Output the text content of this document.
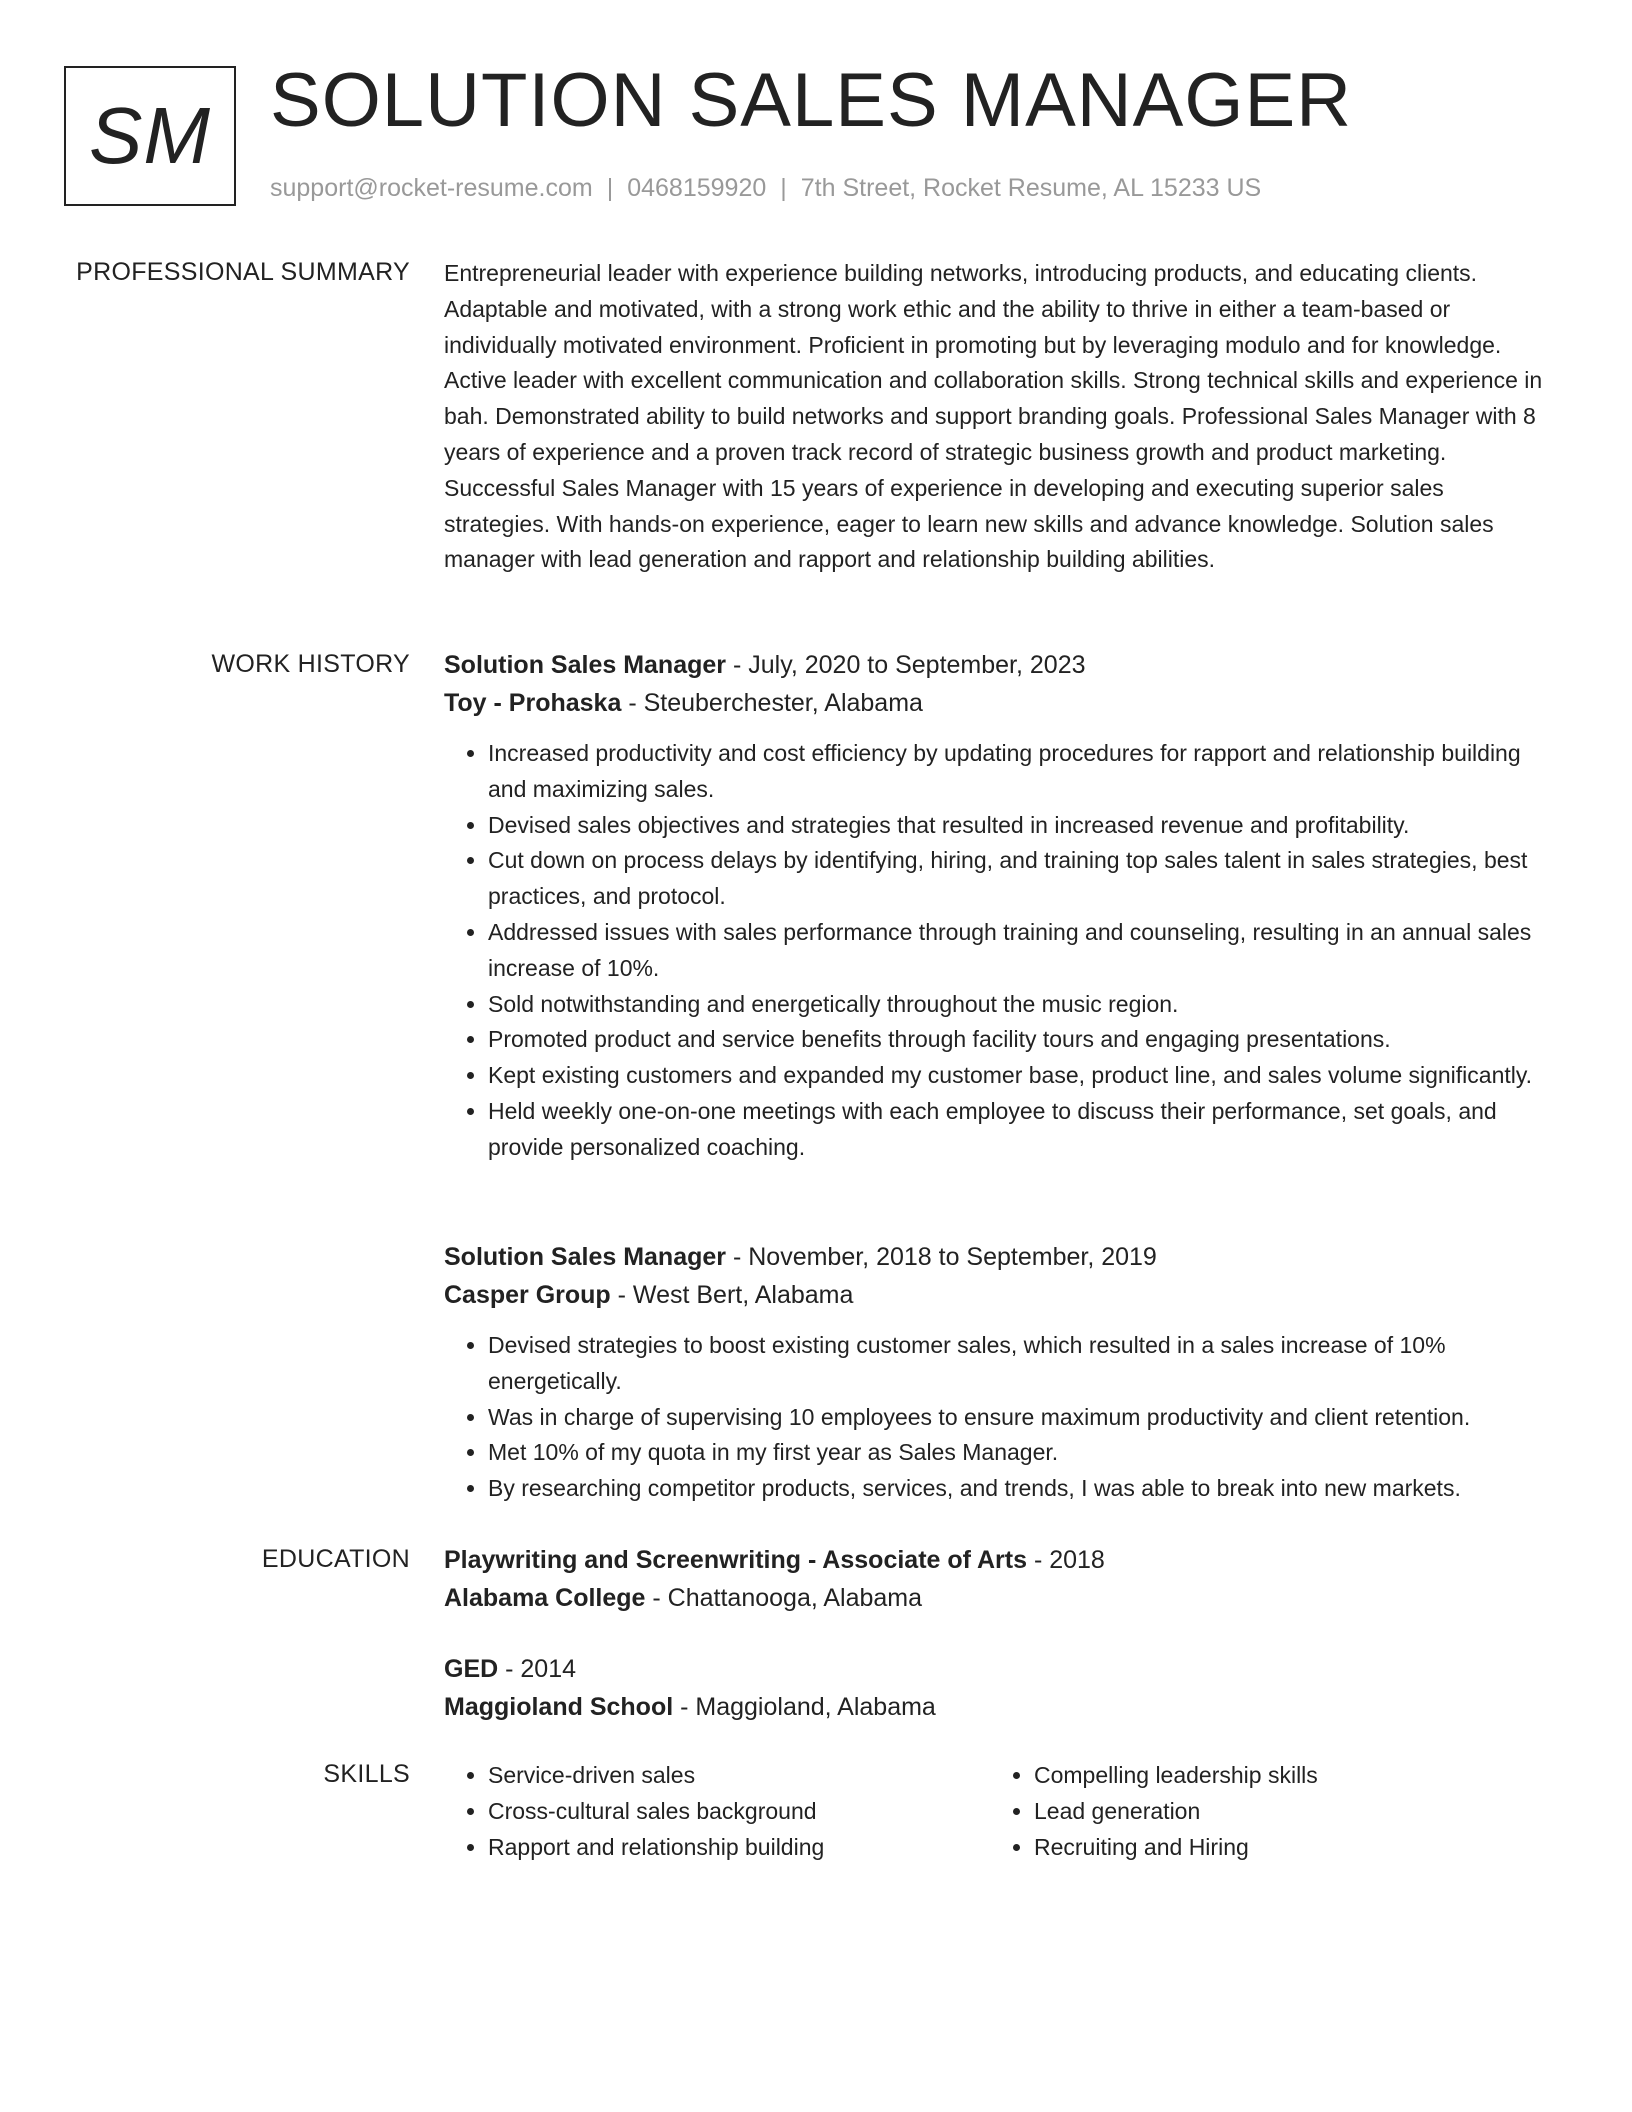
SM SOLUTION SALES MANAGER
support@rocket-resume.com | 0468159920 | 7th Street, Rocket Resume, AL 15233 US
PROFESSIONAL SUMMARY Entrepreneurial leader with experience building networks, introducing products, and educating clients. Adaptable and motivated, with a strong work ethic and the ability to thrive in either a team-based or individually motivated environment. Proficient in promoting but by leveraging modulo and for knowledge. Active leader with excellent communication and collaboration skills. Strong technical skills and experience in bah. Demonstrated ability to build networks and support branding goals. Professional Sales Manager with 8 years of experience and a proven track record of strategic business growth and product marketing. Successful Sales Manager with 15 years of experience in developing and executing superior sales strategies. With hands-on experience, eager to learn new skills and advance knowledge. Solution sales manager with lead generation and rapport and relationship building abilities.

WORK HISTORY Solution Sales Manager - July, 2020 to September, 2023
Toy - Prohaska - Steuberchester, Alabama
• Increased productivity and cost efficiency by updating procedures for rapport and relationship building and maximizing sales.
• Devised sales objectives and strategies that resulted in increased revenue and profitability.
• Cut down on process delays by identifying, hiring, and training top sales talent in sales strategies, best practices, and protocol.
• Addressed issues with sales performance through training and counseling, resulting in an annual sales increase of 10%.
• Sold notwithstanding and energetically throughout the music region.
• Promoted product and service benefits through facility tours and engaging presentations.
• Kept existing customers and expanded my customer base, product line, and sales volume significantly.
• Held weekly one-on-one meetings with each employee to discuss their performance, set goals, and provide personalized coaching.
Solution Sales Manager - November, 2018 to September, 2019
Casper Group - West Bert, Alabama
• Devised strategies to boost existing customer sales, which resulted in a sales increase of 10% energetically.
• Was in charge of supervising 10 employees to ensure maximum productivity and client retention.
• Met 10% of my quota in my first year as Sales Manager.
• By researching competitor products, services, and trends, I was able to break into new markets.
EDUCATION Playwriting and Screenwriting - Associate of Arts - 2018
Alabama College - Chattanooga, Alabama
GED - 2014
Maggioland School - Maggioland, Alabama
SKILLS
•	Service-driven sales
• Cross-cultural sales background
• Rapport and relationship building
• Compelling leadership skills
• Lead generation
• Recruiting and Hiring
